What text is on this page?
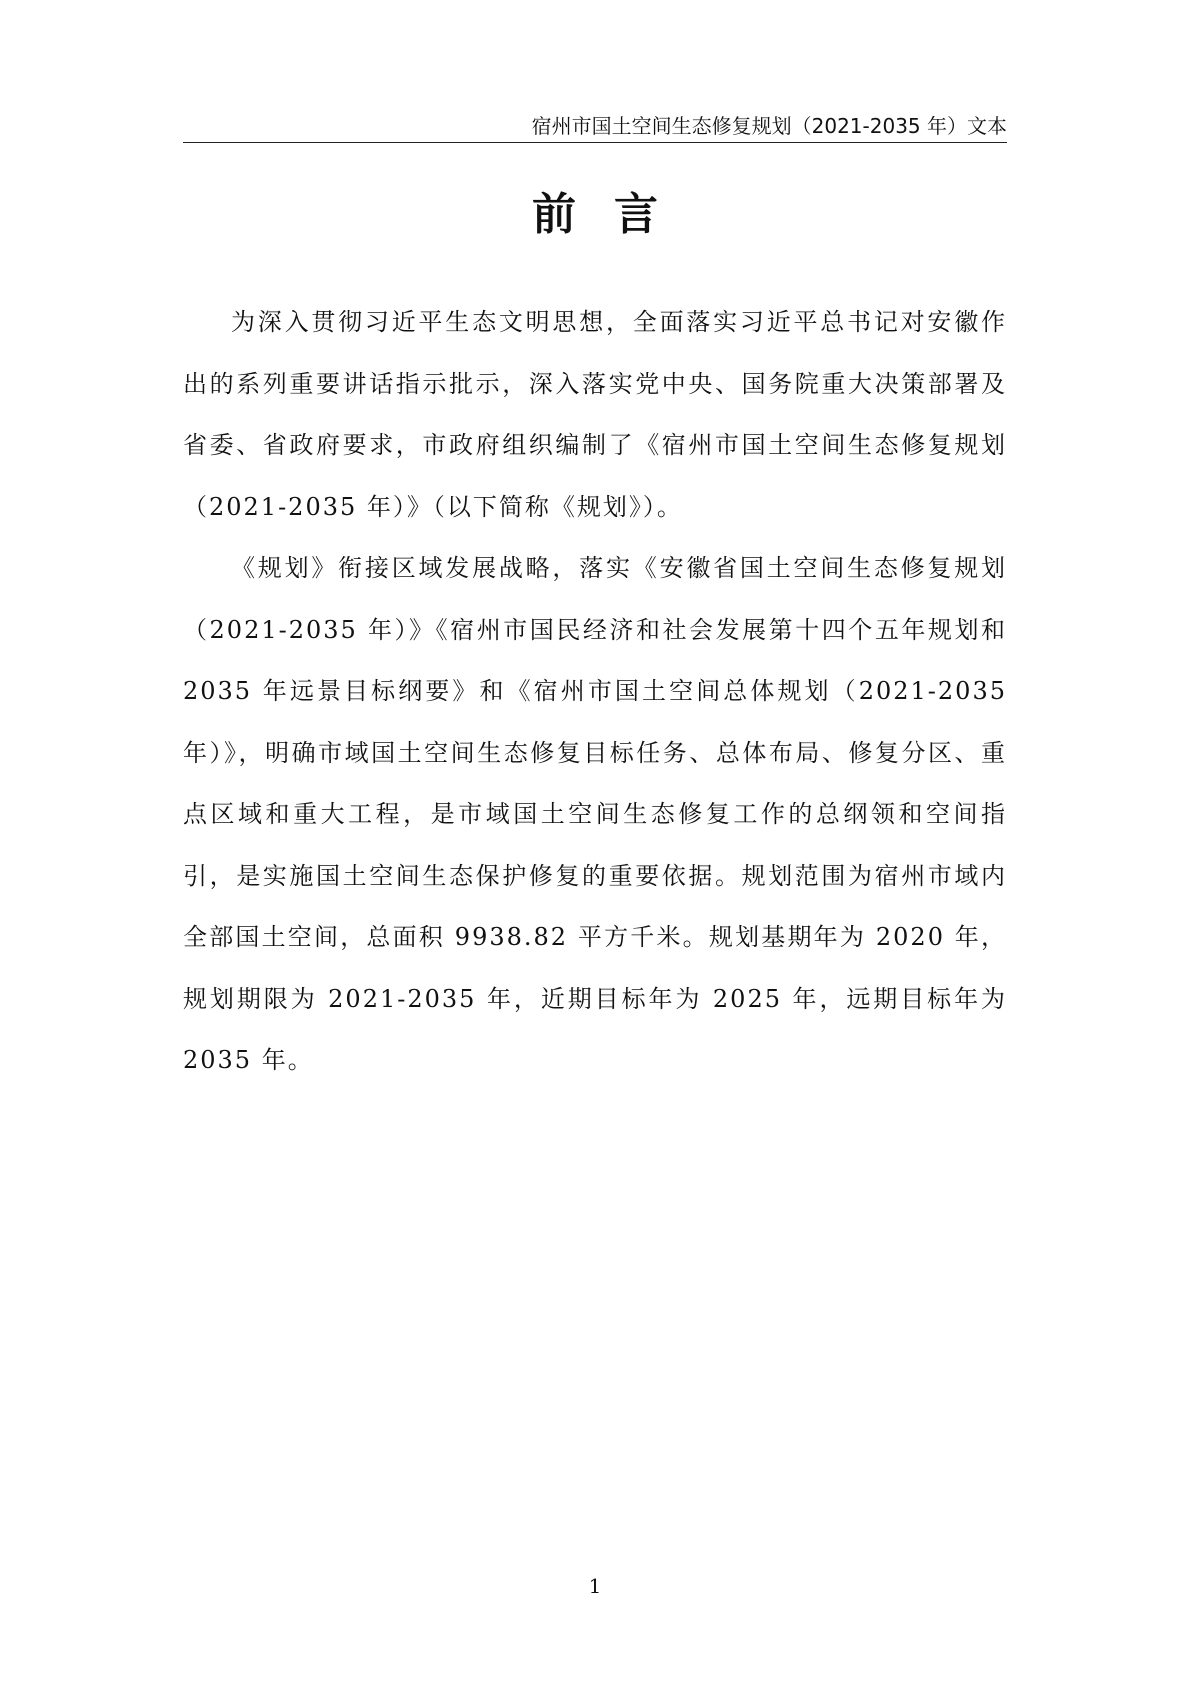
宿州市国土空间生态修复规划（2021-2035 年）文本
前言

为深入贯彻习近平生态文明思想，全面落实习近平总书记对安徽作出的系列重要讲话指示批示，深入落实党中央、国务院重大决策部署及省委、省政府要求，市政府组织编制了《宿州市国土空间生态修复规划（2021-2035 年）》（以下简称《规划》）。

《规划》衔接区域发展战略，落实《安徽省国土空间生态修复规划（2021-2035 年）》《宿州市国民经济和社会发展第十四个五年规划和 2035 年远景目标纲要》和《宿州市国土空间总体规划（2021-2035 年）》，明确市域国土空间生态修复目标任务、总体布局、修复分区、重点区域和重大工程，是市域国土空间生态修复工作的总纲领和空间指引，是实施国土空间生态保护修复的重要依据。规划范围为宿州市域内全部国土空间，总面积 9938.82 平方千米。规划基期年为 2020 年，规划期限为 2021-2035 年，近期目标年为 2025 年，远期目标年为 2035 年。

1
